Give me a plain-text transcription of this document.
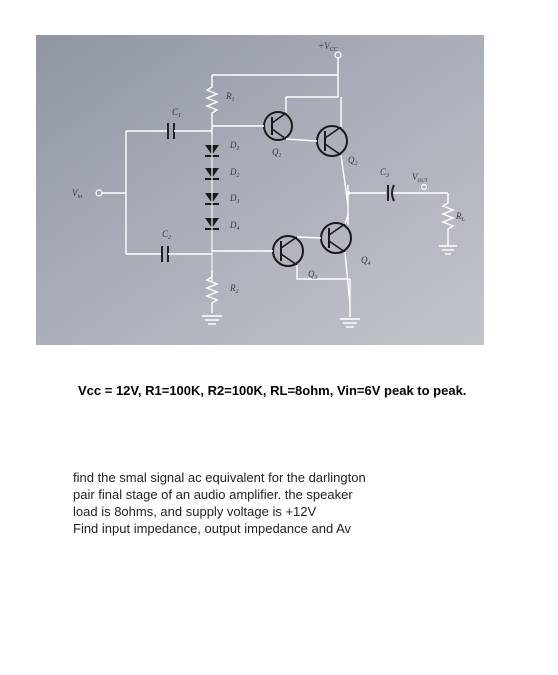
$+V_{CC}$
$R_1$
$C_1$
$D_1$
$D_2$
$D_3$
$D_4$
$V_{in}$
$C_2$
$R_2$
$Q_1$	$Q_2$
$C_3$	$V_{OUT}$
$R_L$
$Q_4$
$Q_3$
Vcc = 12V, R1=100K, R2=100K, RL=8ohm, Vin=6V peak to peak.
find the smal signal ac equivalent for the darlington
pair final stage of an audio amplifier. the speaker
load is 8ohms, and supply voltage is +12V
Find input impedance, output impedance and Av
